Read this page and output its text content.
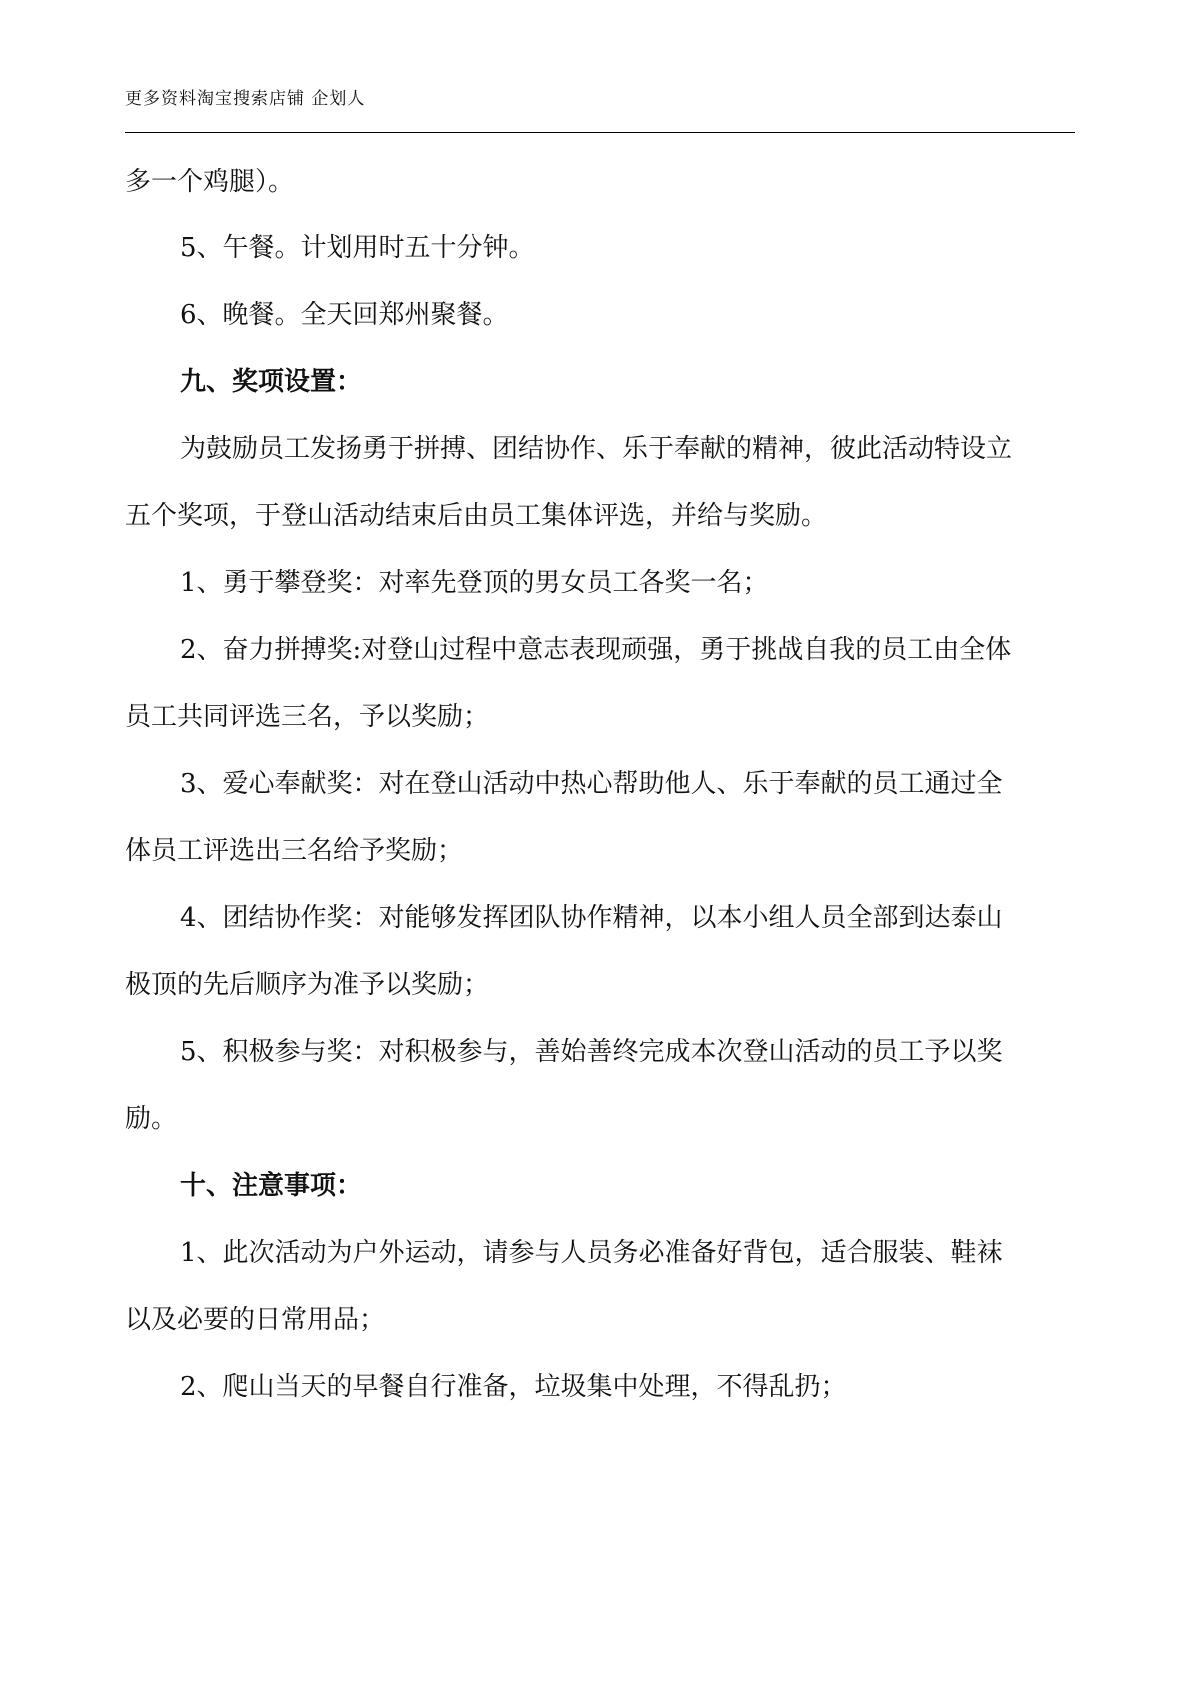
更多资料淘宝搜索店铺 企划人
多一个鸡腿）。
5、午餐。计划用时五十分钟。
6、晚餐。全天回郑州聚餐。
九、奖项设置：
为鼓励员工发扬勇于拼搏、团结协作、乐于奉献的精神，彼此活动特设立
五个奖项，于登山活动结束后由员工集体评选，并给与奖励。
1、勇于攀登奖：对率先登顶的男女员工各奖一名；
2、奋力拼搏奖:对登山过程中意志表现顽强，勇于挑战自我的员工由全体
员工共同评选三名，予以奖励；
3、爱心奉献奖：对在登山活动中热心帮助他人、乐于奉献的员工通过全
体员工评选出三名给予奖励；
4、团结协作奖：对能够发挥团队协作精神，以本小组人员全部到达泰山
极顶的先后顺序为准予以奖励；
5、积极参与奖：对积极参与，善始善终完成本次登山活动的员工予以奖
励。
十、注意事项：
1、此次活动为户外运动，请参与人员务必准备好背包，适合服装、鞋袜
以及必要的日常用品；
2、爬山当天的早餐自行准备，垃圾集中处理，不得乱扔；
